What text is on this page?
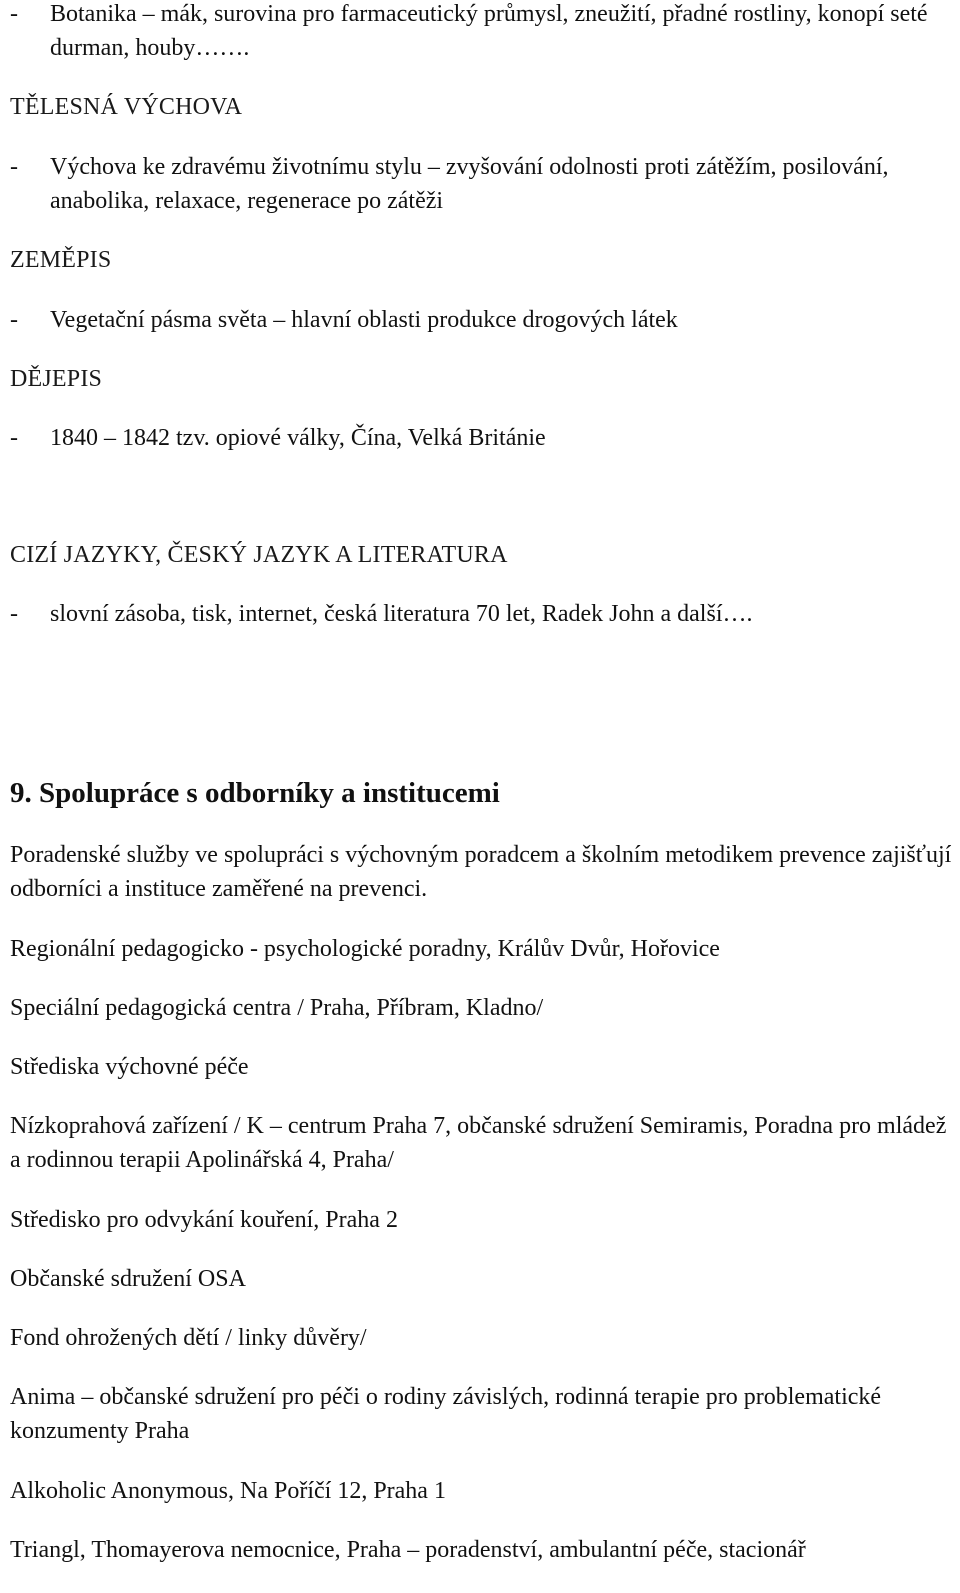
-	Botanika – mák, surovina pro farmaceutický průmysl, zneužití, přadné rostliny, konopí seté durman, houby…….
TĚLESNÁ VÝCHOVA
-	Výchova ke zdravému životnímu stylu – zvyšování odolnosti proti zátěžím, posilování, anabolika, relaxace, regenerace po zátěži
ZEMĚPIS
-	Vegetační pásma světa – hlavní oblasti produkce drogových látek
DĚJEPIS
-	1840 – 1842 tzv. opiové války, Čína, Velká Británie
CIZÍ JAZYKY, ČESKÝ JAZYK A LITERATURA
-	slovní zásoba, tisk, internet, česká literatura 70 let, Radek John a další….
9. Spolupráce s odborníky a institucemi
Poradenské služby ve spolupráci s výchovným poradcem a školním metodikem prevence zajišťují odborníci a instituce zaměřené na prevenci.
Regionální pedagogicko - psychologické poradny, Králův Dvůr, Hořovice
Speciální pedagogická centra / Praha, Příbram, Kladno/
Střediska výchovné péče
Nízkoprahová zařízení / K – centrum Praha 7, občanské sdružení Semiramis, Poradna pro mládež a rodinnou terapii Apolinářská 4, Praha/
Středisko pro odvykání kouření, Praha 2
Občanské sdružení OSA
Fond ohrožených dětí / linky důvěry/
Anima – občanské sdružení pro péči o rodiny závislých, rodinná terapie pro problematické konzumenty Praha
Alkoholic Anonymous, Na Poříčí 12, Praha 1
Triangl, Thomayerova nemocnice, Praha – poradenství, ambulantní péče, stacionář
